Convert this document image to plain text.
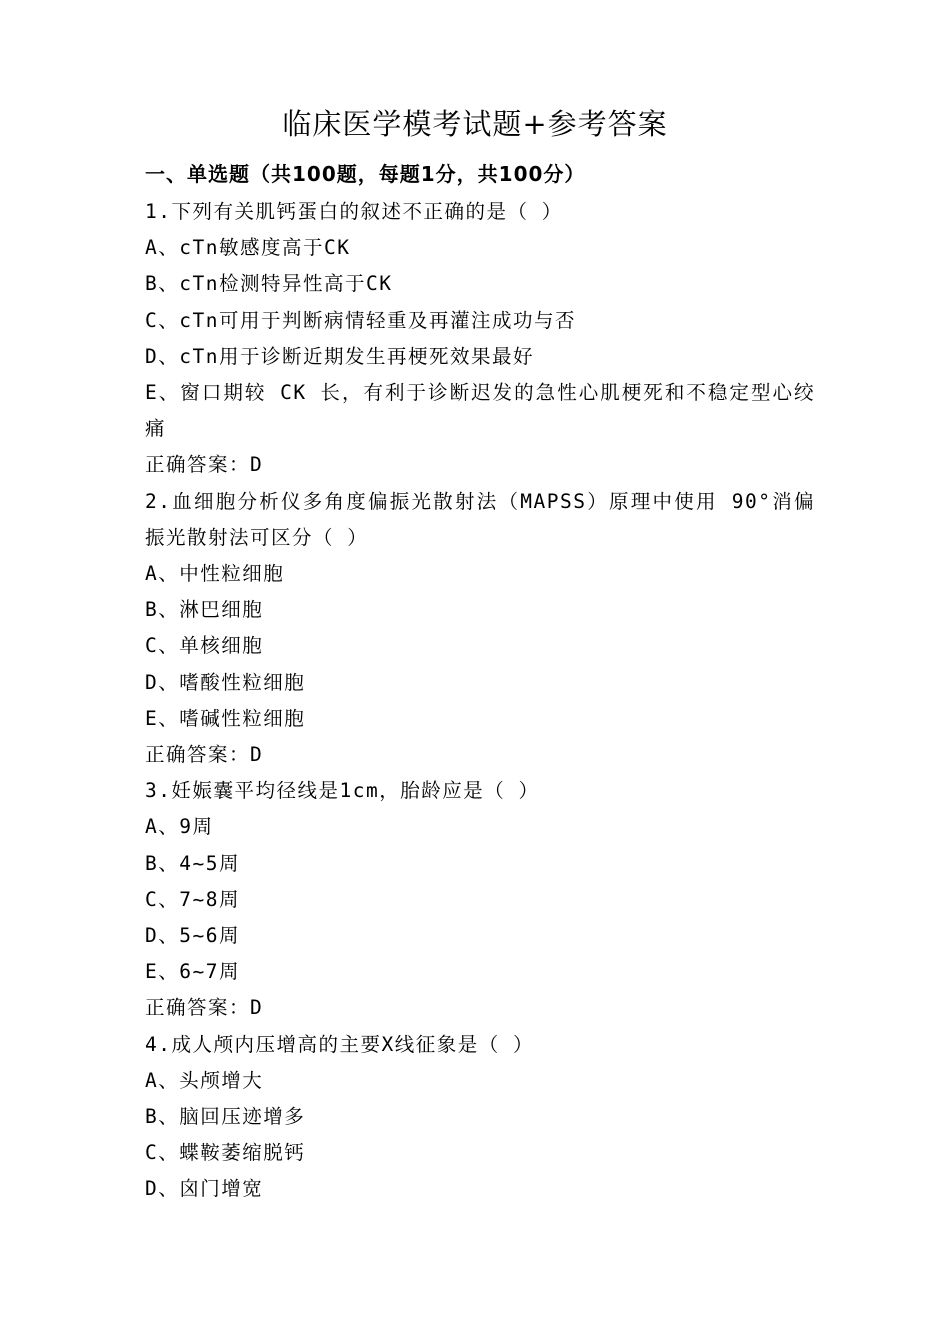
临床医学模考试题+参考答案
一、单选题（共100题，每题1分，共100分）
1.下列有关肌钙蛋白的叙述不正确的是（ ）
A、cTn敏感度高于CK
B、cTn检测特异性高于CK
C、cTn可用于判断病情轻重及再灌注成功与否
D、cTn用于诊断近期发生再梗死效果最好
E、窗口期较 CK 长，有利于诊断迟发的急性心肌梗死和不稳定型心绞痛
正确答案：D
2.血细胞分析仪多角度偏振光散射法（MAPSS）原理中使用 90°消偏振光散射法可区分（ ）
A、中性粒细胞
B、淋巴细胞
C、单核细胞
D、嗜酸性粒细胞
E、嗜碱性粒细胞
正确答案：D
3.妊娠囊平均径线是1cm，胎龄应是（ ）
A、9周
B、4~5周
C、7~8周
D、5~6周
E、6~7周
正确答案：D
4.成人颅内压增高的主要X线征象是（ ）
A、头颅增大
B、脑回压迹增多
C、蝶鞍萎缩脱钙
D、囟门增宽
